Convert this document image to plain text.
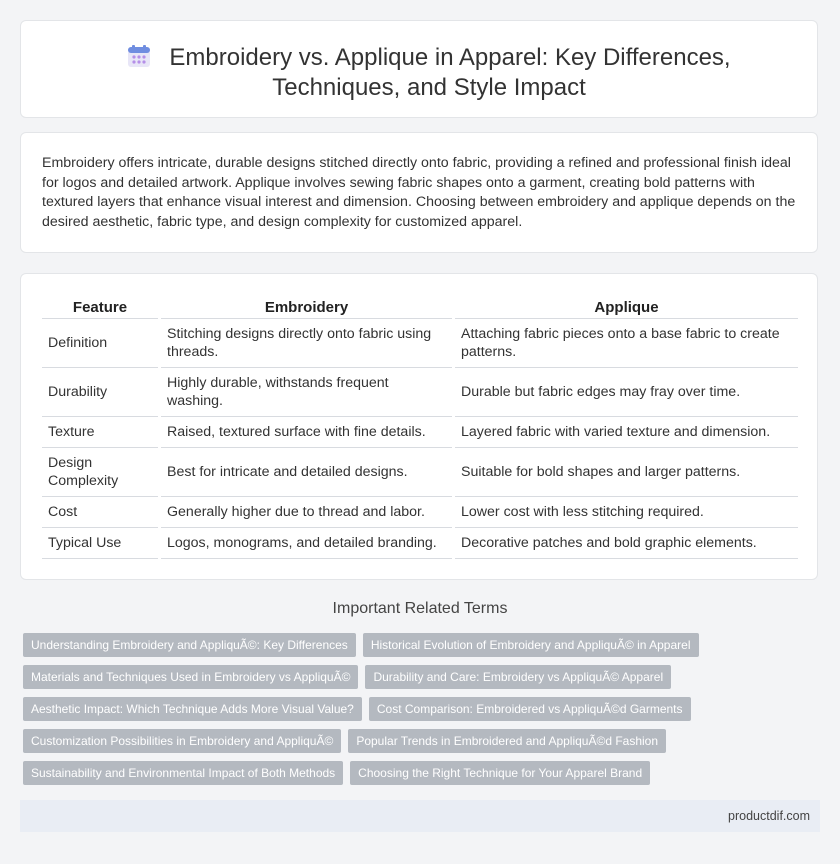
Embroidery vs. Applique in Apparel: Key Differences, Techniques, and Style Impact

Embroidery offers intricate, durable designs stitched directly onto fabric, providing a refined and professional finish ideal for logos and detailed artwork. Applique involves sewing fabric shapes onto a garment, creating bold patterns with textured layers that enhance visual interest and dimension. Choosing between embroidery and applique depends on the desired aesthetic, fabric type, and design complexity for customized apparel.

Feature		Embroidery		Applique
Definition		Stitching designs directly onto fabric using threads.		Attaching fabric pieces onto a base fabric to create patterns.
Durability		Highly durable, withstands frequent washing.		Durable but fabric edges may fray over time.
Texture		Raised, textured surface with fine details.		Layered fabric with varied texture and dimension.
Design Complexity		Best for intricate and detailed designs.		Suitable for bold shapes and larger patterns.
Cost		Generally higher due to thread and labor.		Lower cost with less stitching required.
Typical Use		Logos, monograms, and detailed branding.		Decorative patches and bold graphic elements.
Important Related Terms
Understanding Embroidery and AppliquÃ©: Key Differences	Historical Evolution of Embroidery and AppliquÃ© in Apparel
Materials and Techniques Used in Embroidery vs AppliquÃ©	Durability and Care: Embroidery vs AppliquÃ© Apparel
Aesthetic Impact: Which Technique Adds More Visual Value?	Cost Comparison: Embroidered vs AppliquÃ©d Garments
Customization Possibilities in Embroidery and AppliquÃ©	Popular Trends in Embroidered and AppliquÃ©d Fashion
Sustainability and Environmental Impact of Both Methods	Choosing the Right Technique for Your Apparel Brand
productdif.com
